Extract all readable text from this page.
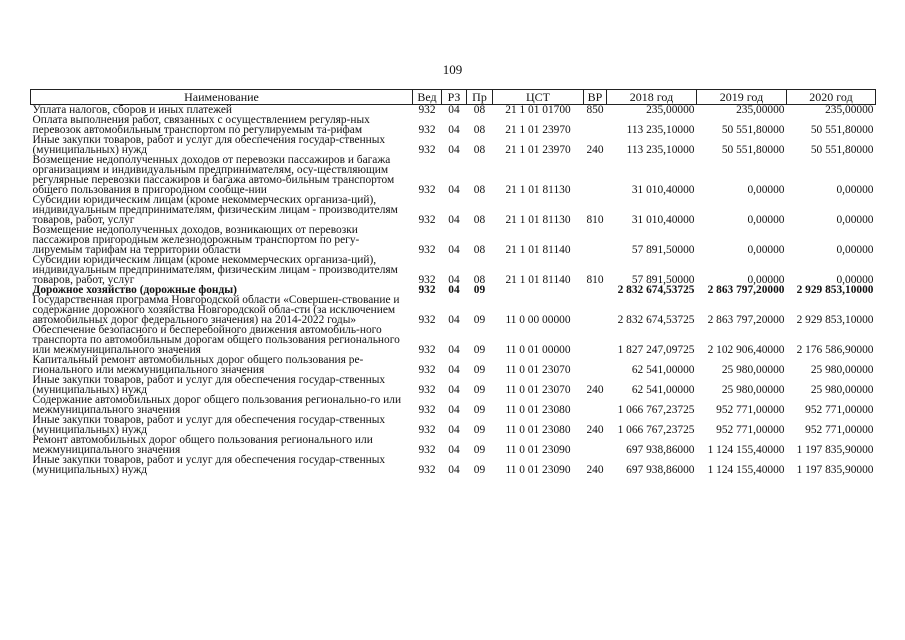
109
Наименование	Вед	РЗ	Пр	ЦСТ	ВР	2018 год	2019 год	2020 год
Уплата налогов, сборов и иных платежей	932	04	08	21 1 01 01700	850	235,00000	235,00000	235,00000
Оплата выполнения работ, связанных с осуществлением регуляр-ных перевозок автомобильным транспортом по регулируемым та-рифам	932	04	08	21 1 01 23970		113 235,10000	50 551,80000	50 551,80000
Иные закупки товаров, работ и услуг для обеспечения государ-ственных (муниципальных) нужд	932	04	08	21 1 01 23970	240	113 235,10000	50 551,80000	50 551,80000
Возмещение недополученных доходов от перевозки пассажиров и багажа организациям и индивидуальным предпринимателям, осу-ществляющим регулярные перевозки пассажиров и багажа автомо-бильным транспортом общего пользования в пригородном сообще-нии	932	04	08	21 1 01 81130		31 010,40000	0,00000	0,00000
Субсидии юридическим лицам (кроме некоммерческих организа-ций), индивидуальным предпринимателям, физическим лицам - производителям товаров, работ, услуг	932	04	08	21 1 01 81130	810	31 010,40000	0,00000	0,00000
Возмещение недополученных доходов, возникающих от перевозки пассажиров пригородным железнодорожным транспортом по регу-лируемым тарифам на территории области	932	04	08	21 1 01 81140		57 891,50000	0,00000	0,00000
Субсидии юридическим лицам (кроме некоммерческих организа-ций), индивидуальным предпринимателям, физическим лицам - производителям товаров, работ, услуг	932	04	08	21 1 01 81140	810	57 891,50000	0,00000	0,00000
Дорожное хозяйство (дорожные фонды)	932	04	09			2 832 674,53725	2 863 797,20000	2 929 853,10000
Государственная программа Новгородской области «Совершен-ствование и содержание дорожного хозяйства Новгородской обла-сти (за исключением автомобильных дорог федерального значения) на 2014-2022 годы»	932	04	09	11 0 00 00000		2 832 674,53725	2 863 797,20000	2 929 853,10000
Обеспечение безопасного и бесперебойного движения автомобиль-ного транспорта по автомобильным дорогам общего пользования регионального или межмуниципального значения	932	04	09	11 0 01 00000		1 827 247,09725	2 102 906,40000	2 176 586,90000
Капитальный ремонт автомобильных дорог общего пользования ре-гионального или межмуниципального значения	932	04	09	11 0 01 23070		62 541,00000	25 980,00000	25 980,00000
Иные закупки товаров, работ и услуг для обеспечения государ-ственных (муниципальных) нужд	932	04	09	11 0 01 23070	240	62 541,00000	25 980,00000	25 980,00000
Содержание автомобильных дорог общего пользования регионально-го или межмуниципального значения	932	04	09	11 0 01 23080		1 066 767,23725	952 771,00000	952 771,00000
Иные закупки товаров, работ и услуг для обеспечения государ-ственных (муниципальных) нужд	932	04	09	11 0 01 23080	240	1 066 767,23725	952 771,00000	952 771,00000
Ремонт автомобильных дорог общего пользования регионального или межмуниципального значения	932	04	09	11 0 01 23090		697 938,86000	1 124 155,40000	1 197 835,90000
Иные закупки товаров, работ и услуг для обеспечения государ-ственных (муниципальных) нужд	932	04	09	11 0 01 23090	240	697 938,86000	1 124 155,40000	1 197 835,90000
